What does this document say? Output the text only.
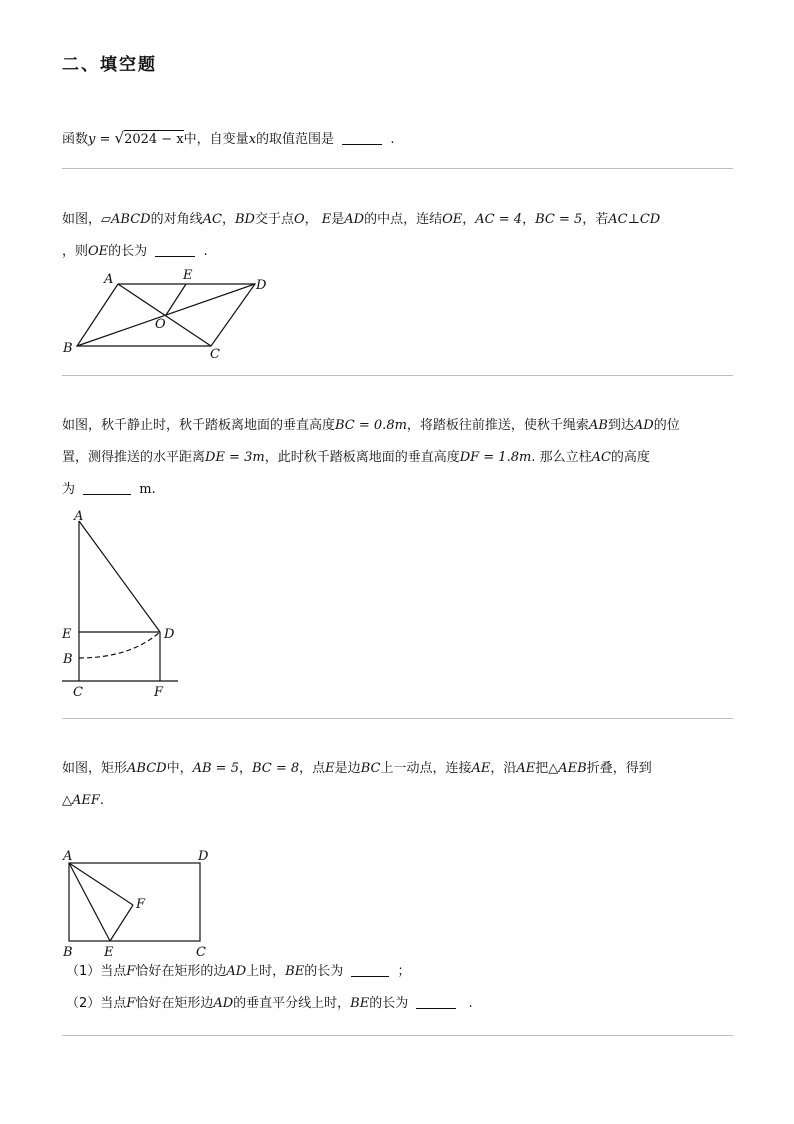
二、填空题
函数y = √2024 − x中，自变量x的取值范围是	.
如图，▱ABCD的对角线AC，BD交于点O， E是AD的中点，连结OE，AC = 4，BC = 5，若AC⊥CD
，则OE的长为	.
A	E
D
O
B	C
如图，秋千静止时，秋千踏板离地面的垂直高度BC = 0.8m，将踏板往前推送，使秋千绳索AB到达AD的位
置，测得推送的水平距离DE = 3m，此时秋千踏板离地面的垂直高度DF = 1.8m. 那么立柱AC的高度
为	m.
A
E	D
B
C	F
如图，矩形ABCD中，AB = 5，BC = 8，点E是边BC上一动点，连接AE，沿AE把△AEB折叠，得到
△AEF.
A	D
F
B E	C
（1）当点F恰好在矩形的边AD上时，BE的长为	；
（2）当点F恰好在矩形边AD的垂直平分线上时，BE的长为	.
